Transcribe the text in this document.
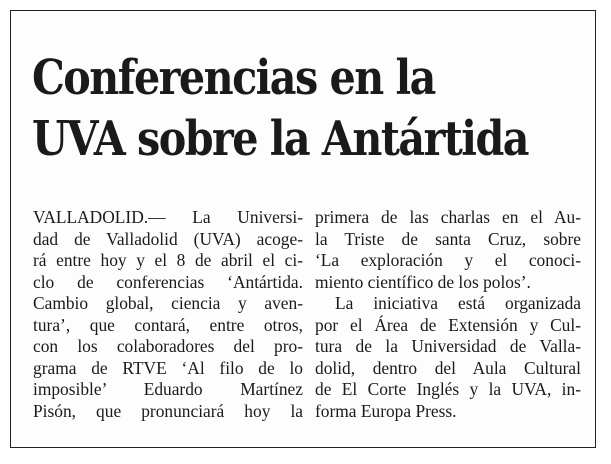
Conferencias en la
UVA sobre la Antártida
VALLADOLID.— La Universi-
dad de Valladolid (UVA) acoge-
rá entre hoy y el 8 de abril el ci-
clo de conferencias ‘Antártida.
Cambio global, ciencia y aven-
tura’, que contará, entre otros,
con los colaboradores del pro-
grama de RTVE ‘Al filo de lo
imposible’ Eduardo Martínez
Pisón, que pronunciará hoy la
primera de las charlas en el Au-
la Triste de santa Cruz, sobre
‘La exploración y el conoci-
miento científico de los polos’.
La iniciativa está organizada
por el Área de Extensión y Cul-
tura de la Universidad de Valla-
dolid, dentro del Aula Cultural
de El Corte Inglés y la UVA, in-
forma Europa Press.
